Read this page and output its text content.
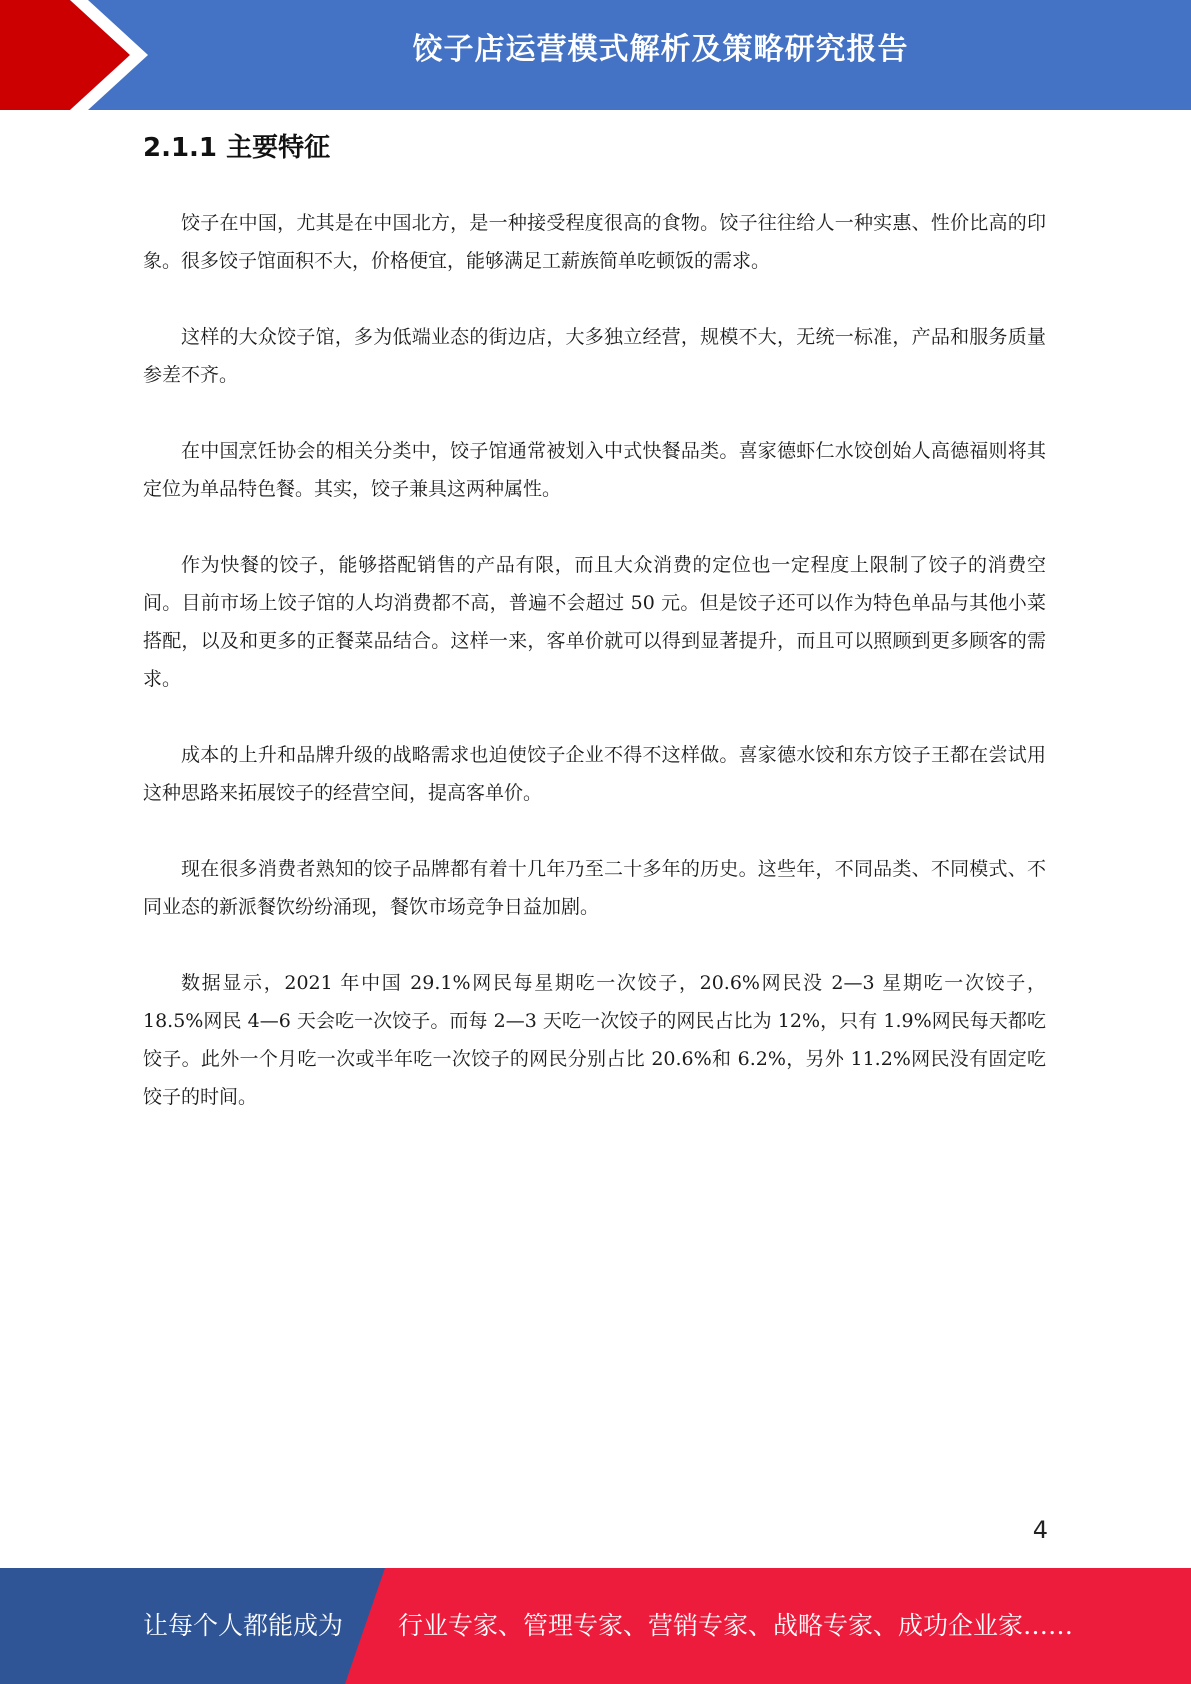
饺子店运营模式解析及策略研究报告
2.1.1 主要特征

饺子在中国，尤其是在中国北方，是一种接受程度很高的食物。饺子往往给人一种实惠、性价比高的印象。很多饺子馆面积不大，价格便宜，能够满足工薪族简单吃顿饭的需求。

这样的大众饺子馆，多为低端业态的街边店，大多独立经营，规模不大，无统一标准，产品和服务质量参差不齐。

在中国烹饪协会的相关分类中，饺子馆通常被划入中式快餐品类。喜家德虾仁水饺创始人高德福则将其定位为单品特色餐。其实，饺子兼具这两种属性。

作为快餐的饺子，能够搭配销售的产品有限，而且大众消费的定位也一定程度上限制了饺子的消费空间。目前市场上饺子馆的人均消费都不高，普遍不会超过 50 元。但是饺子还可以作为特色单品与其他小菜搭配，以及和更多的正餐菜品结合。这样一来，客单价就可以得到显著提升，而且可以照顾到更多顾客的需求。

成本的上升和品牌升级的战略需求也迫使饺子企业不得不这样做。喜家德水饺和东方饺子王都在尝试用这种思路来拓展饺子的经营空间，提高客单价。

现在很多消费者熟知的饺子品牌都有着十几年乃至二十多年的历史。这些年，不同品类、不同模式、不同业态的新派餐饮纷纷涌现，餐饮市场竞争日益加剧。

数据显示，2021 年中国 29.1%网民每星期吃一次饺子，20.6%网民没 2—3 星期吃一次饺子，18.5%网民 4—6 天会吃一次饺子。而每 2—3 天吃一次饺子的网民占比为 12%，只有 1.9%网民每天都吃饺子。此外一个月吃一次或半年吃一次饺子的网民分别占比 20.6%和 6.2%，另外 11.2%网民没有固定吃饺子的时间。

4
让每个人都能成为 行业专家、管理专家、营销专家、战略专家、成功企业家……
